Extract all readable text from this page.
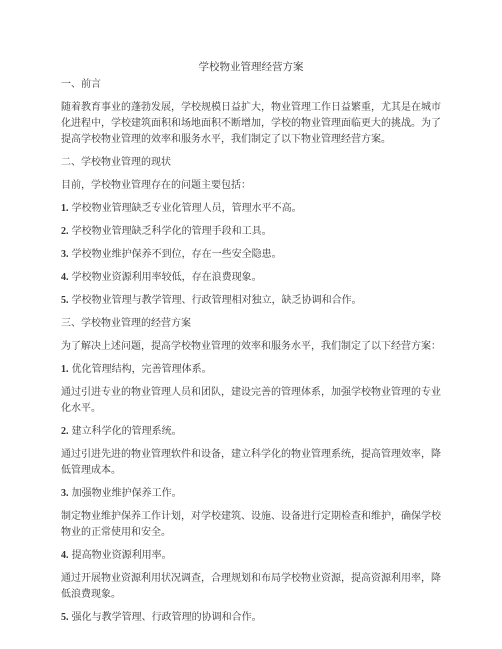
学校物业管理经营方案

一、前言

随着教育事业的蓬勃发展，学校规模日益扩大，物业管理工作日益繁重，尤其是在城市化进程中，学校建筑面积和场地面积不断增加，学校的物业管理面临更大的挑战。为了提高学校物业管理的效率和服务水平，我们制定了以下物业管理经营方案。

二、学校物业管理的现状

目前，学校物业管理存在的问题主要包括：

1. 学校物业管理缺乏专业化管理人员，管理水平不高。

2. 学校物业管理缺乏科学化的管理手段和工具。

3. 学校物业维护保养不到位，存在一些安全隐患。

4. 学校物业资源利用率较低，存在浪费现象。

5. 学校物业管理与教学管理、行政管理相对独立，缺乏协调和合作。

三、学校物业管理的经营方案

为了解决上述问题，提高学校物业管理的效率和服务水平，我们制定了以下经营方案：

1. 优化管理结构，完善管理体系。

通过引进专业的物业管理人员和团队，建设完善的管理体系，加强学校物业管理的专业化水平。

2. 建立科学化的管理系统。

通过引进先进的物业管理软件和设备，建立科学化的物业管理系统，提高管理效率，降低管理成本。

3. 加强物业维护保养工作。

制定物业维护保养工作计划，对学校建筑、设施、设备进行定期检查和维护，确保学校物业的正常使用和安全。

4. 提高物业资源利用率。

通过开展物业资源利用状况调查，合理规划和布局学校物业资源，提高资源利用率，降低浪费现象。

5. 强化与教学管理、行政管理的协调和合作。
